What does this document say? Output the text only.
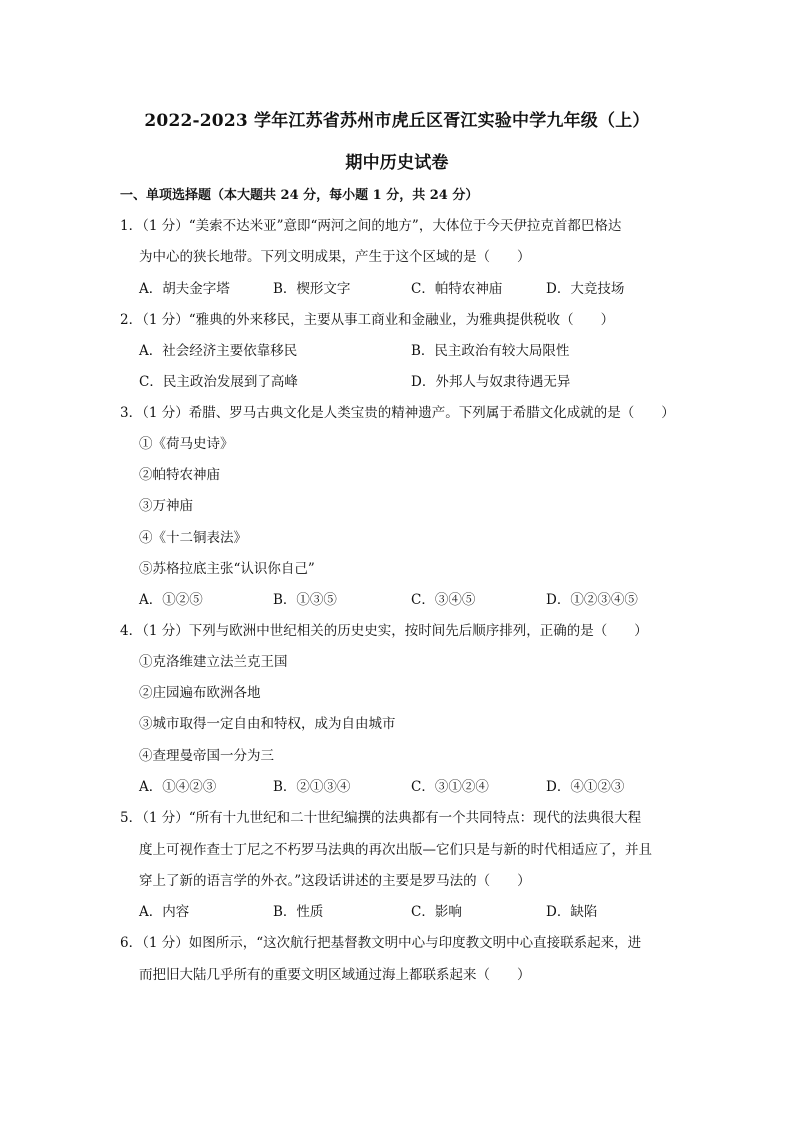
2022-2023 学年江苏省苏州市虎丘区胥江实验中学九年级（上）
期中历史试卷
一、单项选择题（本大题共 24 分，每小题 1 分，共 24 分）
1．（1 分）“美索不达米亚”意即“两河之间的地方”，大体位于今天伊拉克首都巴格达
为中心的狭长地带。下列文明成果，产生于这个区域的是（　　）
A．胡夫金字塔	B．楔形文字	C．帕特农神庙	D．大竞技场
2．（1 分）“雅典的外来移民，主要从事工商业和金融业，为雅典提供税收（　　）
A．社会经济主要依靠移民	B．民主政治有较大局限性
C．民主政治发展到了高峰	D．外邦人与奴隶待遇无异
3．（1 分）希腊、罗马古典文化是人类宝贵的精神遗产。下列属于希腊文化成就的是（　　）
①《荷马史诗》
②帕特农神庙
③万神庙
④《十二铜表法》
⑤苏格拉底主张“认识你自己”
A．①②⑤	B．①③⑤	C．③④⑤	D．①②③④⑤
4．（1 分）下列与欧洲中世纪相关的历史史实，按时间先后顺序排列，正确的是（　　）
①克洛维建立法兰克王国
②庄园遍布欧洲各地
③城市取得一定自由和特权，成为自由城市
④查理曼帝国一分为三
A．①④②③	B．②①③④	C．③①②④	D．④①②③
5．（1 分）“所有十九世纪和二十世纪编撰的法典都有一个共同特点：现代的法典很大程
度上可视作查士丁尼之不朽罗马法典的再次出版—它们只是与新的时代相适应了，并且
穿上了新的语言学的外衣。”这段话讲述的主要是罗马法的（　　）
A．内容	B．性质	C．影响	D．缺陷
6．（1 分）如图所示，“这次航行把基督教文明中心与印度教文明中心直接联系起来，进
而把旧大陆几乎所有的重要文明区域通过海上都联系起来（　　）
